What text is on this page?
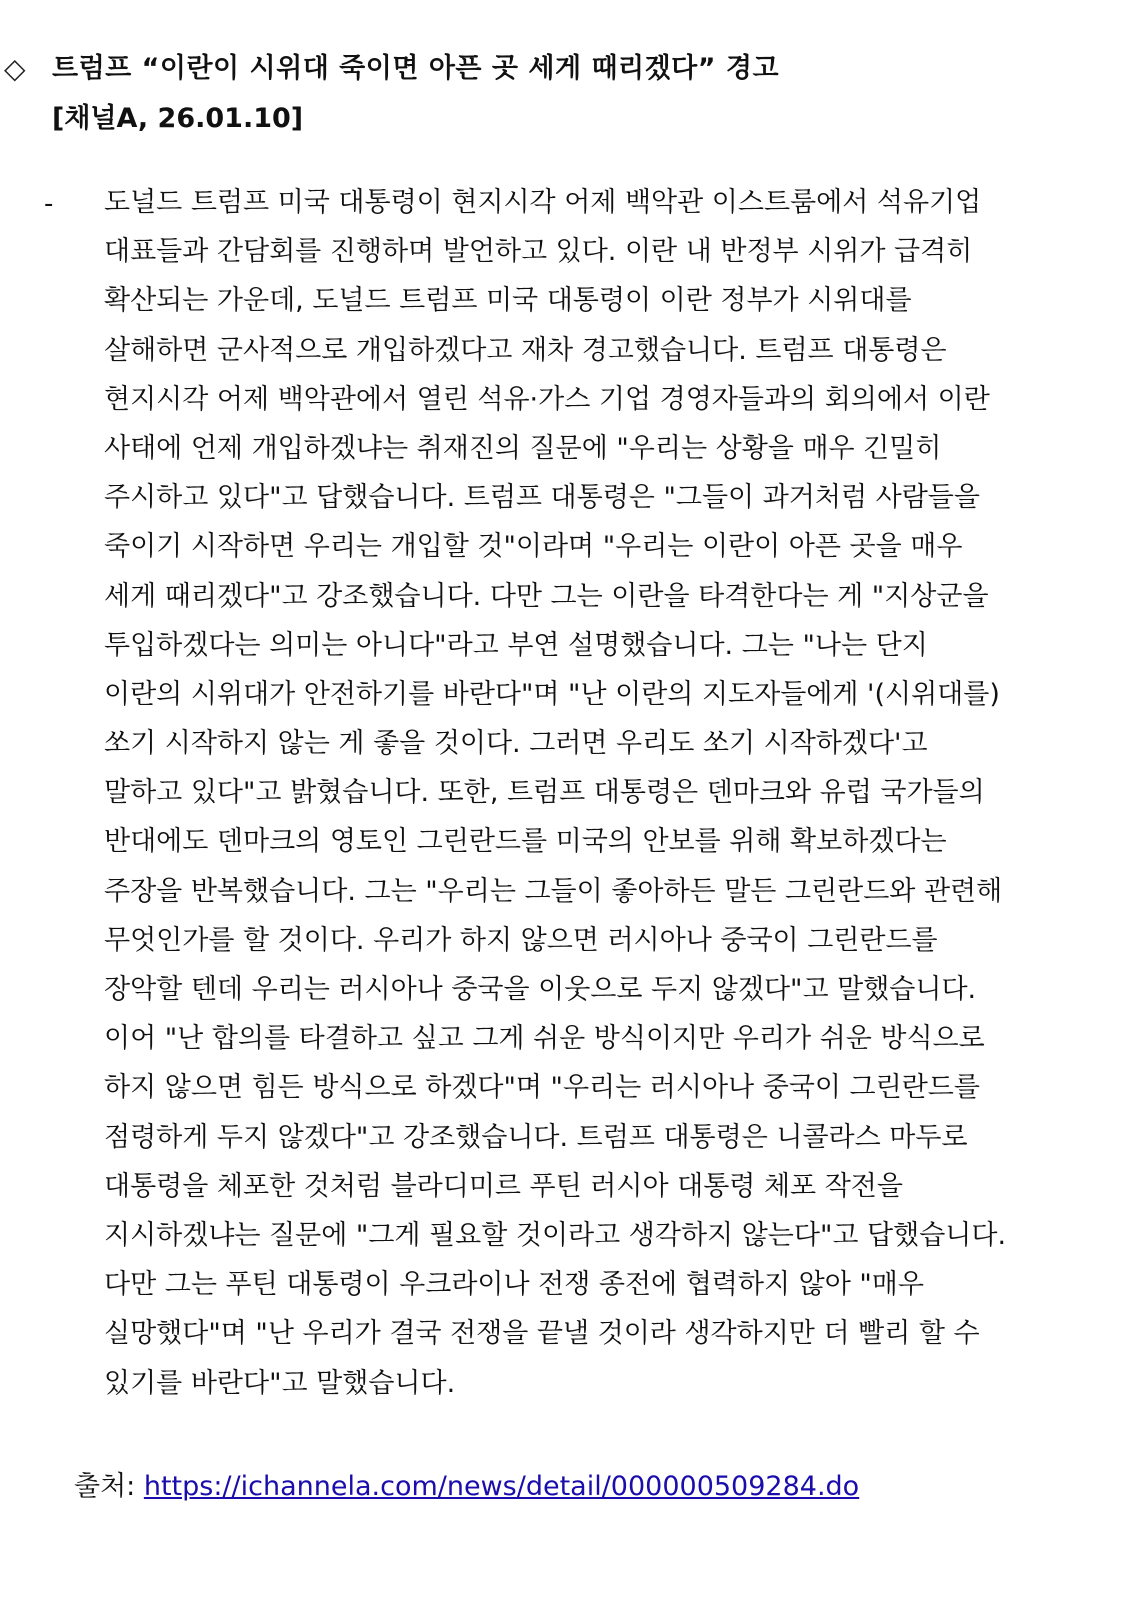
◇ 트럼프 “이란이 시위대 죽이면 아픈 곳 세게 때리겠다” 경고
[채널A, 26.01.10]
- 도널드 트럼프 미국 대통령이 현지시각 어제 백악관 이스트룸에서 석유기업
대표들과 간담회를 진행하며 발언하고 있다. 이란 내 반정부 시위가 급격히
확산되는 가운데, 도널드 트럼프 미국 대통령이 이란 정부가 시위대를
살해하면 군사적으로 개입하겠다고 재차 경고했습니다. 트럼프 대통령은
현지시각 어제 백악관에서 열린 석유·가스 기업 경영자들과의 회의에서 이란
사태에 언제 개입하겠냐는 취재진의 질문에 "우리는 상황을 매우 긴밀히
주시하고 있다"고 답했습니다. 트럼프 대통령은 "그들이 과거처럼 사람들을
죽이기 시작하면 우리는 개입할 것"이라며 "우리는 이란이 아픈 곳을 매우
세게 때리겠다"고 강조했습니다. 다만 그는 이란을 타격한다는 게 "지상군을
투입하겠다는 의미는 아니다"라고 부연 설명했습니다. 그는 "나는 단지
이란의 시위대가 안전하기를 바란다"며 "난 이란의 지도자들에게 '(시위대를)
쏘기 시작하지 않는 게 좋을 것이다. 그러면 우리도 쏘기 시작하겠다'고
말하고 있다"고 밝혔습니다. 또한, 트럼프 대통령은 덴마크와 유럽 국가들의
반대에도 덴마크의 영토인 그린란드를 미국의 안보를 위해 확보하겠다는
주장을 반복했습니다. 그는 "우리는 그들이 좋아하든 말든 그린란드와 관련해
무엇인가를 할 것이다. 우리가 하지 않으면 러시아나 중국이 그린란드를
장악할 텐데 우리는 러시아나 중국을 이웃으로 두지 않겠다"고 말했습니다.
이어 "난 합의를 타결하고 싶고 그게 쉬운 방식이지만 우리가 쉬운 방식으로
하지 않으면 힘든 방식으로 하겠다"며 "우리는 러시아나 중국이 그린란드를
점령하게 두지 않겠다"고 강조했습니다. 트럼프 대통령은 니콜라스 마두로
대통령을 체포한 것처럼 블라디미르 푸틴 러시아 대통령 체포 작전을
지시하겠냐는 질문에 "그게 필요할 것이라고 생각하지 않는다"고 답했습니다.
다만 그는 푸틴 대통령이 우크라이나 전쟁 종전에 협력하지 않아 "매우
실망했다"며 "난 우리가 결국 전쟁을 끝낼 것이라 생각하지만 더 빨리 할 수
있기를 바란다"고 말했습니다.
출처: https://ichannela.com/news/detail/000000509284.do
